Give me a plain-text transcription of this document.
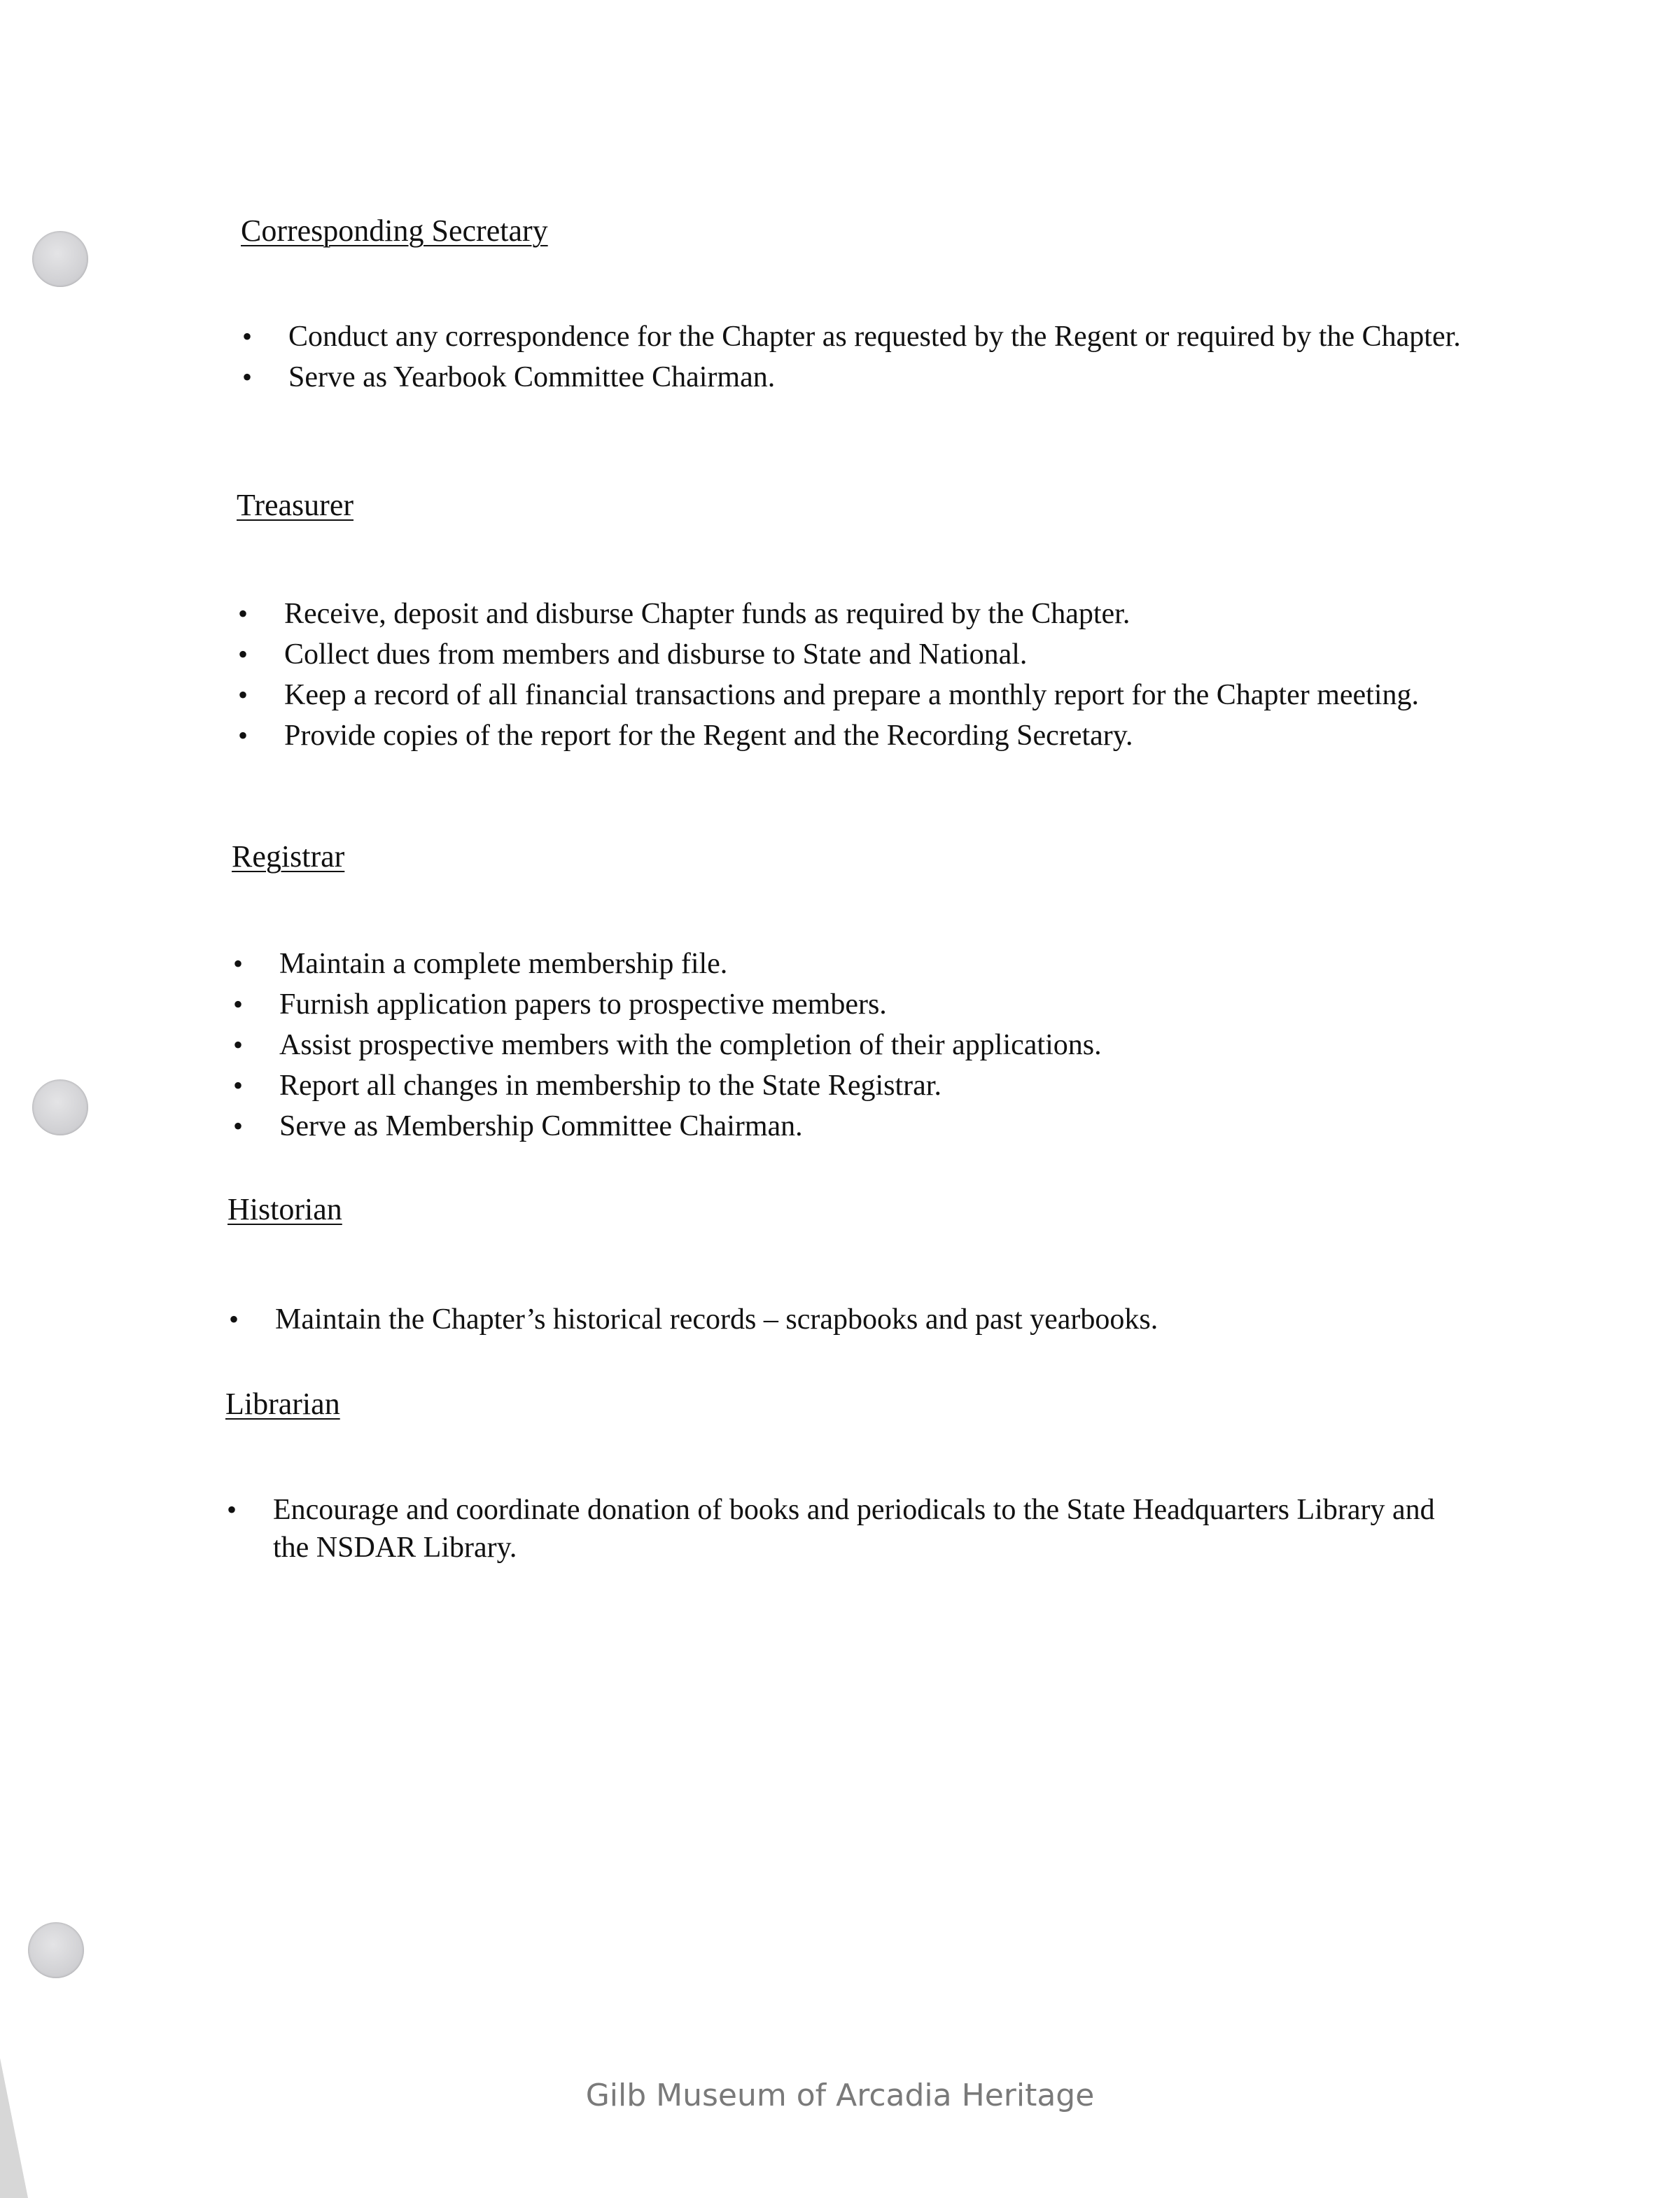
Corresponding Secretary
• Conduct any correspondence for the Chapter as requested by the Regent or required by the Chapter.
• Serve as Yearbook Committee Chairman.
Treasurer
• Receive, deposit and disburse Chapter funds as required by the Chapter.
• Collect dues from members and disburse to State and National.
• Keep a record of all financial transactions and prepare a monthly report for the Chapter meeting.
• Provide copies of the report for the Regent and the Recording Secretary.
Registrar
• Maintain a complete membership file.
• Furnish application papers to prospective members.
• Assist prospective members with the completion of their applications.
• Report all changes in membership to the State Registrar.
• Serve as Membership Committee Chairman.
Historian
• Maintain the Chapter’s historical records – scrapbooks and past yearbooks.
Librarian
• Encourage and coordinate donation of books and periodicals to the State Headquarters Library and the NSDAR Library.
Gilb Museum of Arcadia Heritage
